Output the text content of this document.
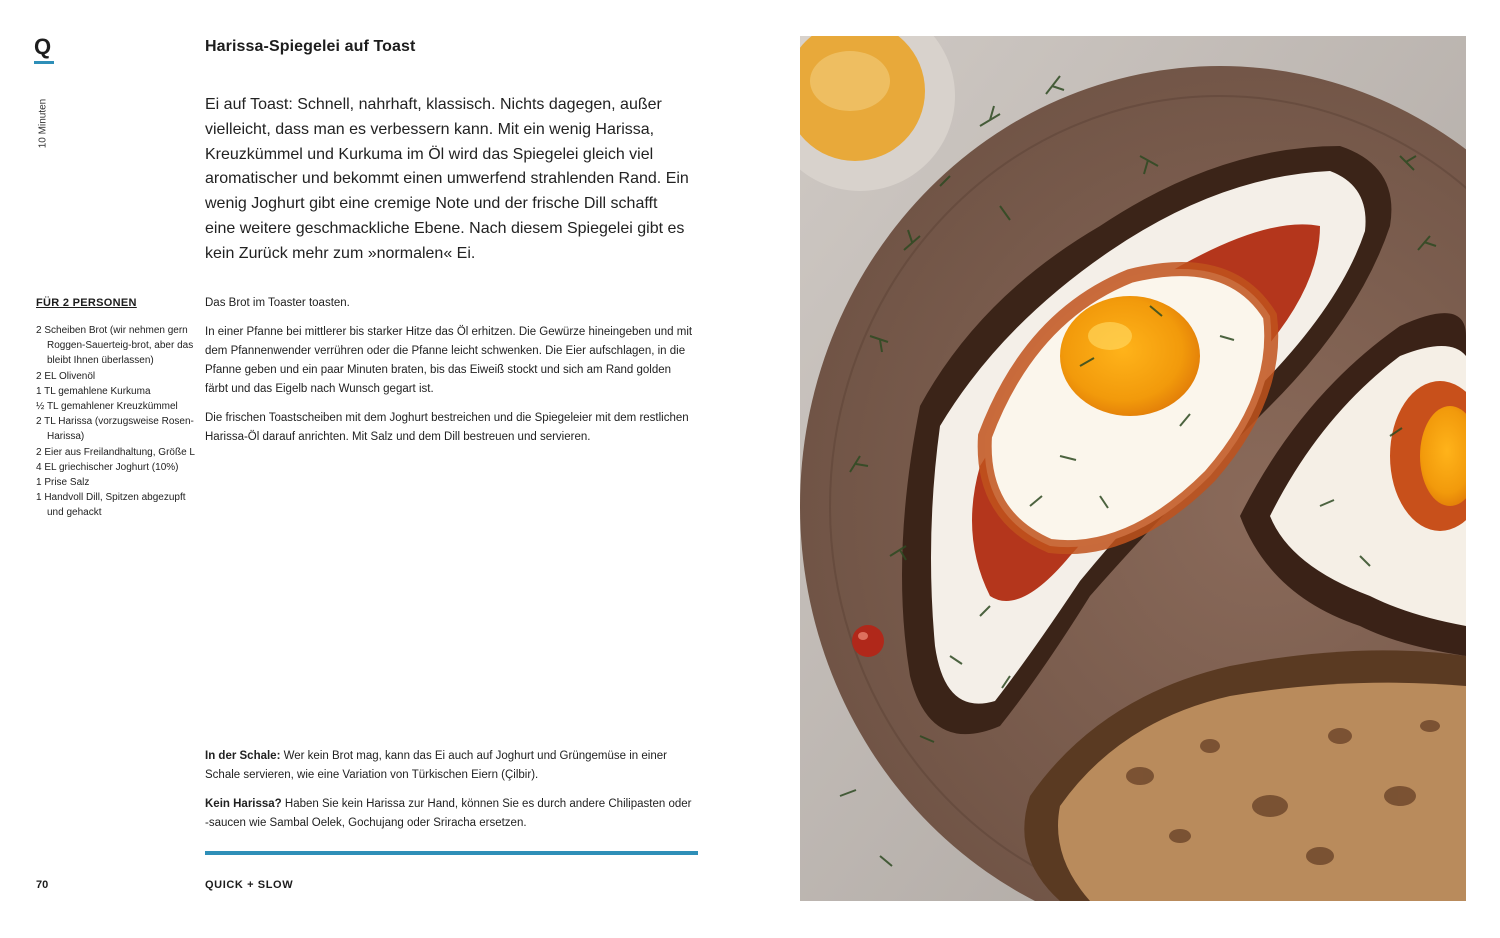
Q
10 Minuten
Harissa-Spiegelei auf Toast
Ei auf Toast: Schnell, nahrhaft, klassisch. Nichts dagegen, außer vielleicht, dass man es verbessern kann. Mit ein wenig Harissa, Kreuzkümmel und Kurkuma im Öl wird das Spiegelei gleich viel aromatischer und bekommt einen umwerfend strahlenden Rand. Ein wenig Joghurt gibt eine cremige Note und der frische Dill schafft eine weitere geschmackliche Ebene. Nach diesem Spiegelei gibt es kein Zurück mehr zum »normalen« Ei.
FÜR 2 PERSONEN
2 Scheiben Brot (wir nehmen gern Roggen-Sauerteig-brot, aber das bleibt Ihnen überlassen)
2 EL Olivenöl
1 TL gemahlene Kurkuma
½ TL gemahlener Kreuzkümmel
2 TL Harissa (vorzugsweise Rosen-Harissa)
2 Eier aus Freilandhaltung, Größe L
4 EL griechischer Joghurt (10%)
1 Prise Salz
1 Handvoll Dill, Spitzen abgezupft und gehackt

Das Brot im Toaster toasten.

In einer Pfanne bei mittlerer bis starker Hitze das Öl erhitzen. Die Gewürze hineingeben und mit dem Pfannenwender verrühren oder die Pfanne leicht schwenken. Die Eier aufschlagen, in die Pfanne geben und ein paar Minuten braten, bis das Eiweiß stockt und sich am Rand golden färbt und das Eigelb nach Wunsch gegart ist.

Die frischen Toastscheiben mit dem Joghurt bestreichen und die Spiegeleier mit dem restlichen Harissa-Öl darauf anrichten. Mit Salz und dem Dill bestreuen und servieren.

In der Schale: Wer kein Brot mag, kann das Ei auch auf Joghurt und Grüngemüse in einer Schale servieren, wie eine Variation von Türkischen Eiern (Çilbir).

Kein Harissa? Haben Sie kein Harissa zur Hand, können Sie es durch andere Chilipasten oder -saucen wie Sambal Oelek, Gochujang oder Sriracha ersetzen.

70	QUICK + SLOW
